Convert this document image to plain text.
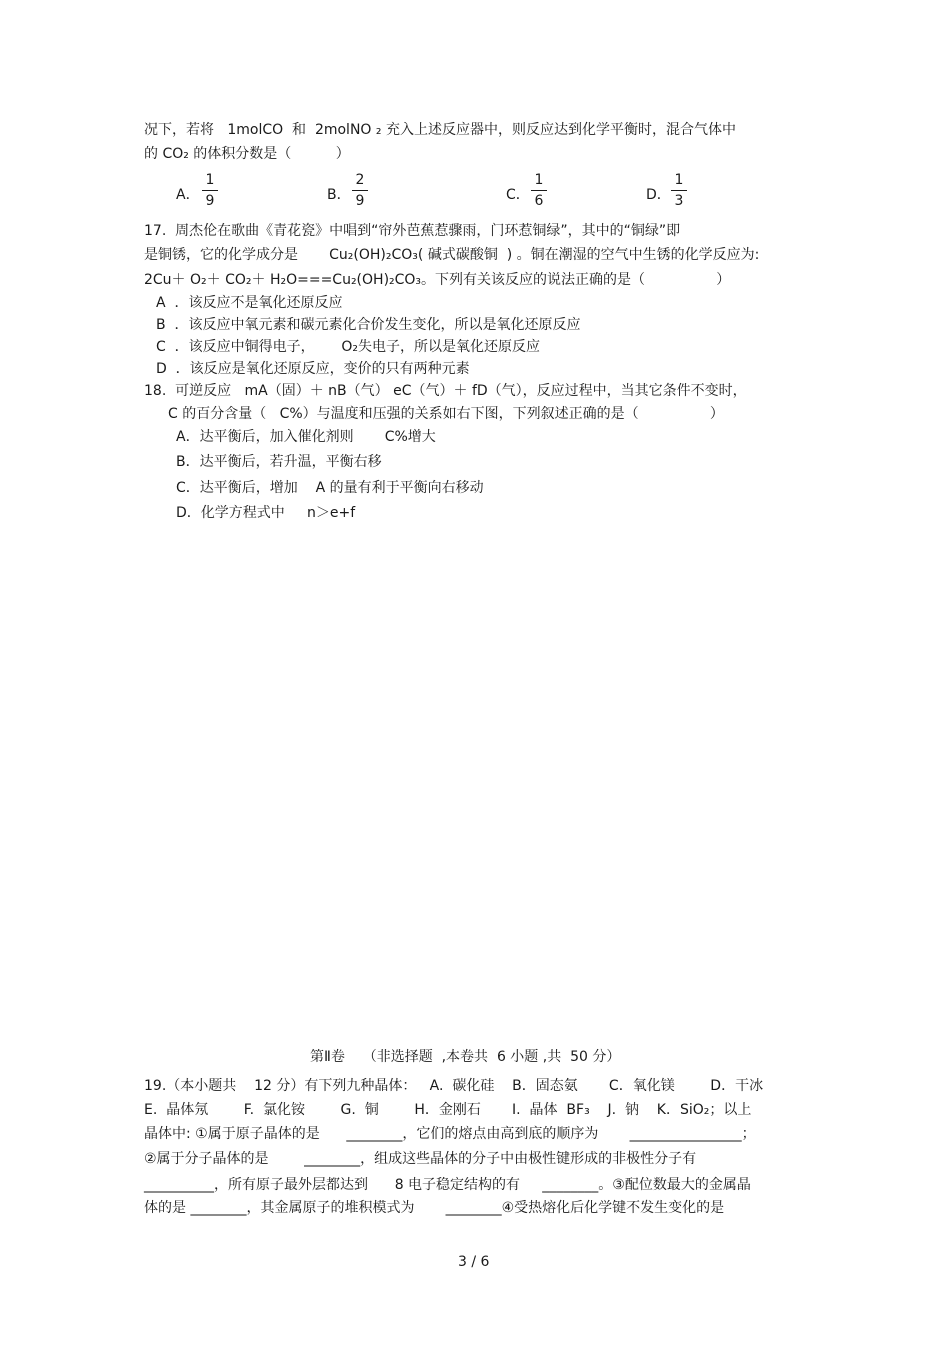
况下，若将   1molCO  和  2molNO ₂ 充入上述反应器中，则反应达到化学平衡时，混合气体中
的 CO₂ 的体积分数是（          ）
A．
1
9	B．
2
9	C．
1
6	D．
1
3
17.  周杰伦在歌曲《青花瓷》中唱到“帘外芭蕉惹骤雨，门环惹铜绿”，其中的“铜绿”即
是铜锈，它的化学成分是       Cu₂(OH)₂CO₃( 碱式碳酸铜  ) 。铜在潮湿的空气中生锈的化学反应为:
2Cu＋ O₂＋ CO₂＋ H₂O===Cu₂(OH)₂CO₃。下列有关该反应的说法正确的是（                ）
A  ．该反应不是氧化还原反应
B  ．该反应中氧元素和碳元素化合价发生变化，所以是氧化还原反应
C  ．该反应中铜得电子，      O₂失电子，所以是氧化还原反应
D  ．该反应是氧化还原反应，变价的只有两种元素
18.  可逆反应   mA（固）＋ nB（气） eC（气）＋ fD（气），反应过程中，当其它条件不变时，
C 的百分含量（   C%）与温度和压强的关系如右下图，下列叙述正确的是（                ）
A．达平衡后，加入催化剂则       C%增大
B．达平衡后，若升温，平衡右移
C．达平衡后，增加    A 的量有利于平衡向右移动
D．化学方程式中     n＞e+f
第Ⅱ卷    （非选择题  ,本卷共  6 小题 ,共  50 分）
19.（本小题共    12 分）有下列九种晶体：   A.  碳化硅    B．固态氨       C．氧化镁        D．干冰
E.  晶体氖        F.  氯化铵        G.  铜        H．金刚石       I.  晶体  BF₃    J.  钠    K．SiO₂；以上
晶体中: ①属于原子晶体的是      ________，它们的熔点由高到底的顺序为       ________________；
②属于分子晶体的是        ________，组成这些晶体的分子中由极性键形成的非极性分子有
__________，所有原子最外层都达到      8 电子稳定结构的有     ________。③配位数最大的金属晶
体的是 ________，其金属原子的堆积模式为       ________④受热熔化后化学键不发生变化的是
3 / 6
